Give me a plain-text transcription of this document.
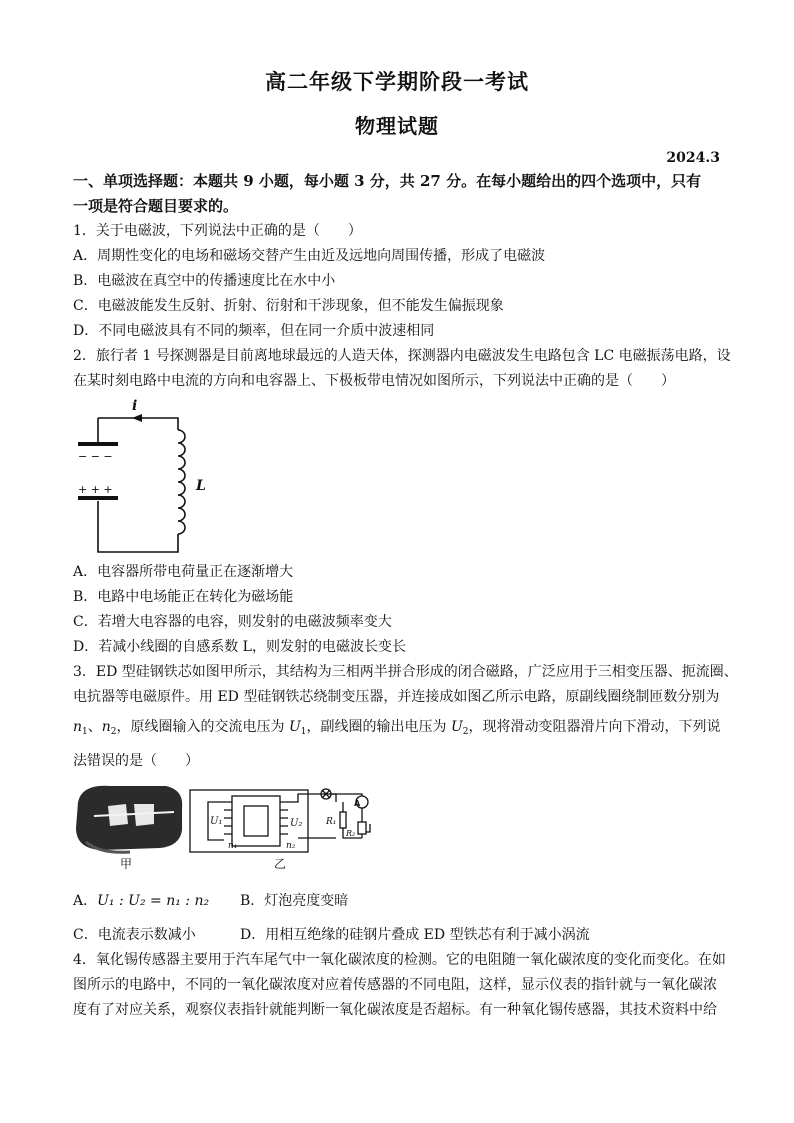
高二年级下学期阶段一考试
物理试题
2024.3
一、单项选择题：本题共 9 小题，每小题 3 分，共 27 分。在每小题给出的四个选项中，只有
一项是符合题目要求的。
1．关于电磁波，下列说法中正确的是（　　）
A．周期性变化的电场和磁场交替产生由近及远地向周围传播，形成了电磁波
B．电磁波在真空中的传播速度比在水中小
C．电磁波能发生反射、折射、衍射和干涉现象，但不能发生偏振现象
D．不同电磁波具有不同的频率，但在同一介质中波速相同
2．旅行者 1 号探测器是目前离地球最远的人造天体，探测器内电磁波发生电路包含 LC 电磁振荡电路，设
在某时刻电路中电流的方向和电容器上、下极板带电情况如图所示，下列说法中正确的是（　　）
i
L
− − −
+ + +
A．电容器所带电荷量正在逐渐增大
B．电路中电场能正在转化为磁场能
C．若增大电容器的电容，则发射的电磁波频率变大
D．若减小线圈的自感系数 L，则发射的电磁波长变长
3．ED 型硅钢铁芯如图甲所示，其结构为三相两半拼合形成的闭合磁路，广泛应用于三相变压器、扼流圈、
电抗器等电磁原件。用 ED 型硅钢铁芯绕制变压器，并连接成如图乙所示电路，原副线圈绕制匝数分别为
$n_1$、$n_2$，原线圈输入的交流电压为 $U_1$，副线圈的输出电压为 $U_2$，现将滑动变阻器滑片向下滑动，下列说
法错误的是（　　）
甲
A
U₁	U₂
n₁	n₂
R₁
R₂
乙
A．U₁ : U₂ = n₁ : n₂ B．灯泡亮度变暗
C．电流表示数减小	D．用相互绝缘的硅钢片叠成 ED 型铁芯有利于减小涡流
4．氧化锡传感器主要用于汽车尾气中一氧化碳浓度的检测。它的电阻随一氧化碳浓度的变化而变化。在如
图所示的电路中，不同的一氧化碳浓度对应着传感器的不同电阻，这样，显示仪表的指针就与一氧化碳浓
度有了对应关系，观察仪表指针就能判断一氧化碳浓度是否超标。有一种氧化锡传感器，其技术资料中给
